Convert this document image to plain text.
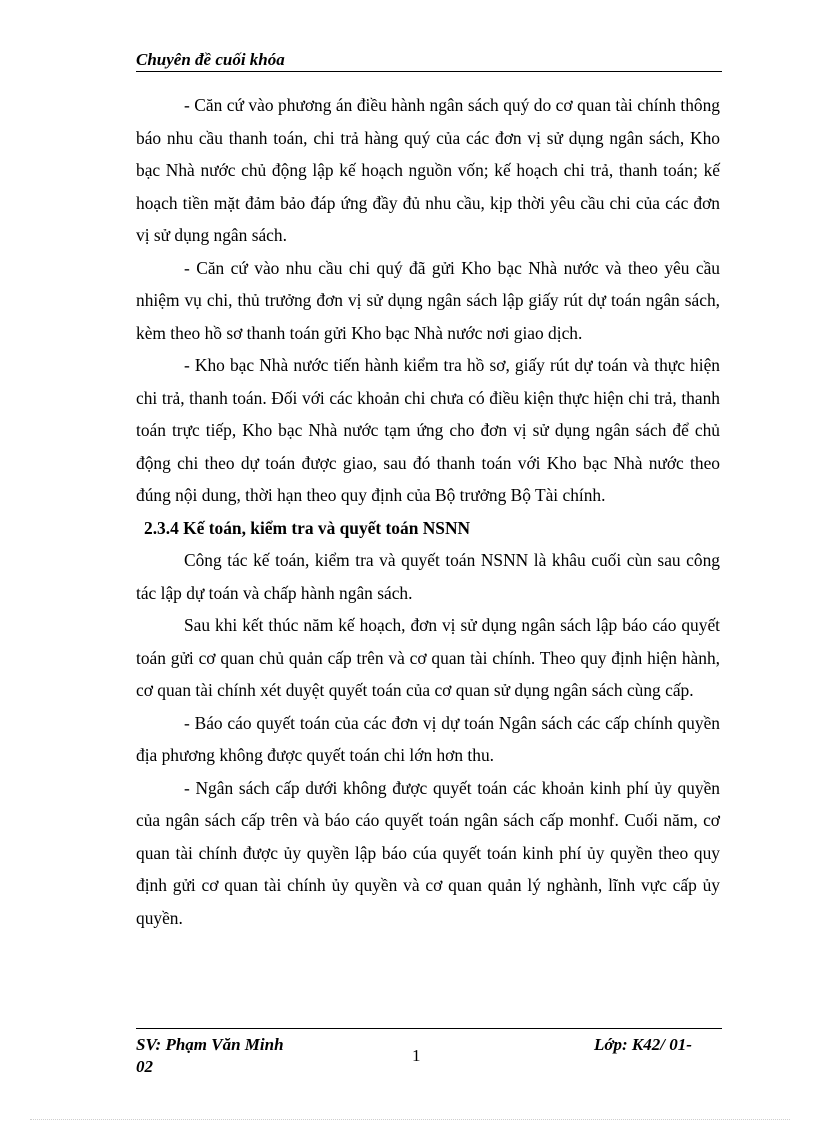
Chuyên đề cuối khóa

- Căn cứ vào phương án điều hành ngân sách quý do cơ quan tài chính thông báo nhu cầu thanh toán, chi trả hàng quý của các đơn vị sử dụng ngân sách, Kho bạc Nhà nước chủ động lập kế hoạch nguồn vốn; kế hoạch chi trả, thanh toán; kế hoạch tiền mặt đảm bảo đáp ứng đầy đủ nhu cầu, kịp thời yêu cầu chi của các đơn vị sử dụng ngân sách.

- Căn cứ vào nhu cầu chi quý đã gửi Kho bạc Nhà nước và theo yêu cầu nhiệm vụ chi, thủ trưởng đơn vị sử dụng ngân sách lập giấy rút dự toán ngân sách, kèm theo hồ sơ thanh toán gửi Kho bạc Nhà nước nơi giao dịch.

- Kho bạc Nhà nước tiến hành kiểm tra hồ sơ, giấy rút dự toán và thực hiện chi trả, thanh toán. Đối với các khoản chi chưa có điều kiện thực hiện chi trả, thanh toán trực tiếp, Kho bạc Nhà nước tạm ứng cho đơn vị sử dụng ngân sách để chủ động chi theo dự toán được giao, sau đó thanh toán với Kho bạc Nhà nước theo đúng nội dung, thời hạn theo quy định của Bộ trưởng Bộ Tài chính.

2.3.4 Kế toán, kiểm tra và quyết toán NSNN

Công tác kế toán, kiểm tra và quyết toán NSNN là khâu cuối cùn sau công tác lập dự toán và chấp hành ngân sách.

Sau khi kết thúc năm kế hoạch, đơn vị sử dụng ngân sách lập báo cáo quyết toán gửi cơ quan chủ quản cấp trên và cơ quan tài chính. Theo quy định hiện hành, cơ quan tài chính xét duyệt quyết toán của cơ quan sử dụng ngân sách cùng cấp.

- Báo cáo quyết toán của các đơn vị dự toán Ngân sách các cấp chính quyền địa phương không được quyết toán chi lớn hơn thu.

- Ngân sách cấp dưới không được quyết toán các khoản kinh phí ủy quyền của ngân sách cấp trên và báo cáo quyết toán ngân sách cấp monhf. Cuối năm, cơ quan tài chính được ủy quyền lập báo cúa quyết toán kinh phí ủy quyền theo quy định gửi cơ quan tài chính ủy quyền và cơ quan quản lý nghành, lĩnh vực cấp ủy quyền.

SV: Phạm Văn Minh
02
1
Lớp: K42/ 01-
